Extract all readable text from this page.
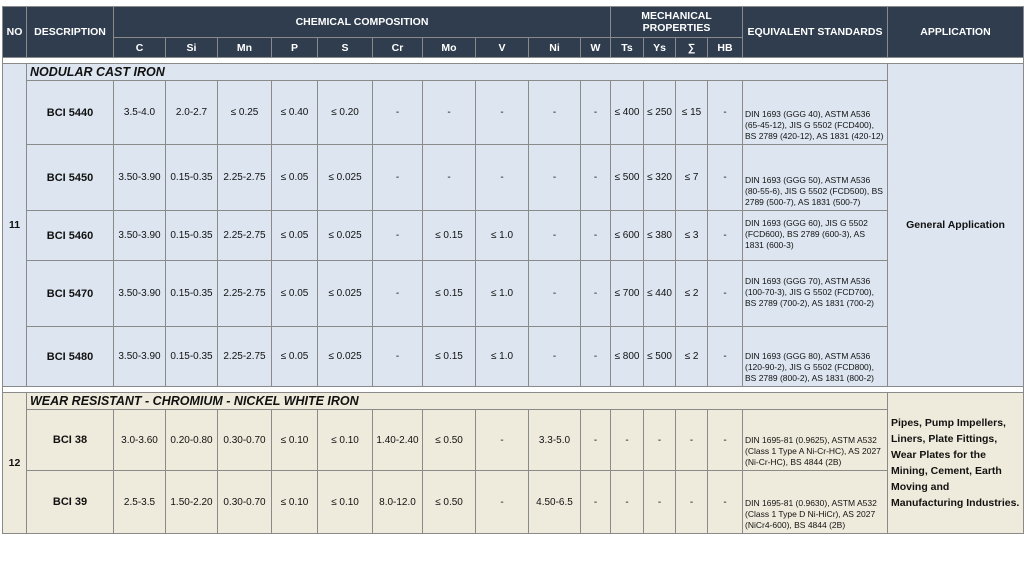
NO	DESCRIPTION	CHEMICAL COMPOSITION										MECHANICAL PROPERTIES				EQUIVALENT STANDARDS	APPLICATION
		C	Si	Mn	P	S	Cr	Mo	V	Ni	W	Ts	Ys	∑	HB		

11	NODULAR CAST IRON																General Application
	BCI 5440	3.5-4.0	2.0-2.7	≤ 0.25	≤ 0.40	≤ 0.20	-	-	-	-	-	≤ 400	≤ 250	≤ 15	-	DIN 1693 (GGG 40), ASTM A536 (65-45-12), JIS G 5502 (FCD400), BS 2789 (420-12), AS 1831 (420-12)	
	BCI 5450	3.50-3.90	0.15-0.35	2.25-2.75	≤ 0.05	≤ 0.025	-	-	-	-	-	≤ 500	≤ 320	≤ 7	-	DIN 1693 (GGG 50), ASTM A536 (80-55-6), JIS G 5502 (FCD500), BS 2789 (500-7), AS 1831 (500-7)	
	BCI 5460	3.50-3.90	0.15-0.35	2.25-2.75	≤ 0.05	≤ 0.025	-	≤ 0.15	≤ 1.0	-	-	≤ 600	≤ 380	≤ 3	-	DIN 1693 (GGG 60), JIS G 5502 (FCD600), BS 2789 (600-3), AS 1831 (600-3)	
	BCI 5470	3.50-3.90	0.15-0.35	2.25-2.75	≤ 0.05	≤ 0.025	-	≤ 0.15	≤ 1.0	-	-	≤ 700	≤ 440	≤ 2	-	DIN 1693 (GGG 70), ASTM A536 (100-70-3), JIS G 5502 (FCD700), BS 2789 (700-2), AS 1831 (700-2)	
	BCI 5480	3.50-3.90	0.15-0.35	2.25-2.75	≤ 0.05	≤ 0.025	-	≤ 0.15	≤ 1.0	-	-	≤ 800	≤ 500	≤ 2	-	DIN 1693 (GGG 80), ASTM A536 (120-90-2), JIS G 5502 (FCD800), BS 2789 (800-2), AS 1831 (800-2)	

12	WEAR RESISTANT - CHROMIUM - NICKEL WHITE IRON																Pipes, Pump Impellers, Liners, Plate Fittings, Wear Plates for the Mining, Cement, Earth Moving and Manufacturing Industries.
	BCI 38	3.0-3.60	0.20-0.80	0.30-0.70	≤ 0.10	≤ 0.10	1.40-2.40	≤ 0.50	-	3.3-5.0	-	-	-	-	-	DIN 1695-81 (0.9625), ASTM A532 (Class 1 Type A Ni-Cr-HC), AS 2027 (Ni-Cr-HC), BS 4844 (2B)	
	BCI 39	2.5-3.5	1.50-2.20	0.30-0.70	≤ 0.10	≤ 0.10	8.0-12.0	≤ 0.50	-	4.50-6.5	-	-	-	-	-	DIN 1695-81 (0.9630), ASTM A532 (Class 1 Type D Ni-HiCr), AS 2027 (NiCr4-600), BS 4844 (2B)	
